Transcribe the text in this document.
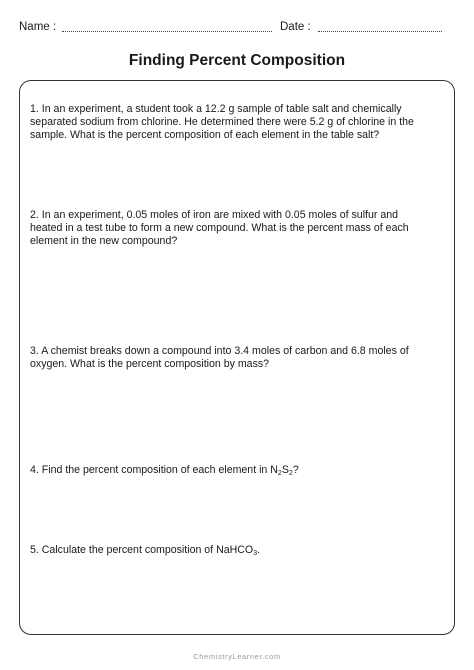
Name :	Date :
Finding Percent Composition
1. In an experiment, a student took a 12.2 g sample of table salt and chemically separated sodium from chlorine. He determined there were 5.2 g of chlorine in the sample. What is the percent composition of each element in the table salt?
2. In an experiment, 0.05 moles of iron are mixed with 0.05 moles of sulfur and heated in a test tube to form a new compound. What is the percent mass of each element in the new compound?
3. A chemist breaks down a compound into 3.4 moles of carbon and 6.8 moles of oxygen. What is the percent composition by mass?
4. Find the percent composition of each element in $N_2S_2$?
5. Calculate the percent composition of NaHCO$_3$.
ChemistryLearner.com
